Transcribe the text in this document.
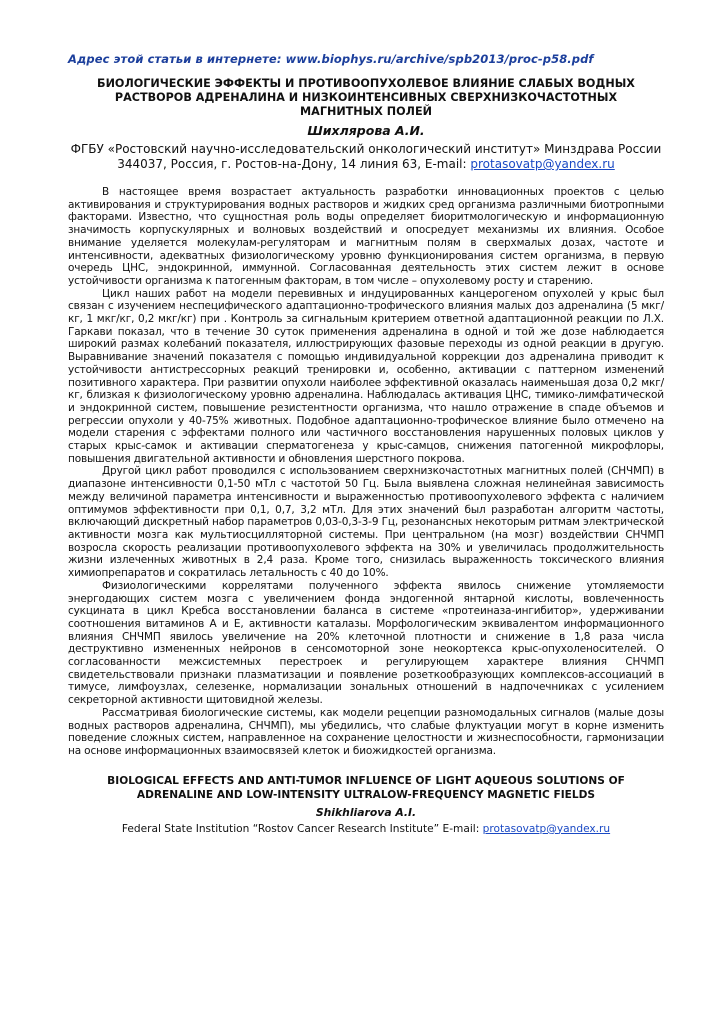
Адрес этой статьи в интернете: www.biophys.ru/archive/spb2013/proc-p58.pdf
БИОЛОГИЧЕСКИЕ ЭФФЕКТЫ И ПРОТИВООПУХОЛЕВОЕ ВЛИЯНИЕ СЛАБЫХ ВОДНЫХ РАСТВОРОВ АДРЕНАЛИНА И НИЗКОИНТЕНСИВНЫХ СВЕРХНИЗКОЧАСТОТНЫХ МАГНИТНЫХ ПОЛЕЙ
Шихлярова А.И.
ФГБУ «Ростовский научно-исследовательский онкологический институт» Минздрава России
344037, Россия, г. Ростов-на-Дону, 14 линия 63, E-mail: protasovatp@yandex.ru

В настоящее время возрастает актуальность разработки инновационных проектов с целью активирования и структурирования водных растворов и жидких сред организма различными биотропными факторами. Известно, что сущностная роль воды определяет биоритмологическую и информационную значимость корпускулярных и волновых воздействий и опосредует механизмы их влияния. Особое внимание уделяется молекулам-регуляторам и магнитным полям в сверхмалых дозах, частоте и интенсивности, адекватных физиологическому уровню функционирования систем организма, в первую очередь ЦНС, эндокринной, иммунной. Согласованная деятельность этих систем лежит в основе устойчивости организма к патогенным факторам, в том числе – опухолевому росту и старению.

Цикл наших работ на модели перевивных и индуцированных канцерогеном опухолей у крыс был связан с изучением неспецифического адаптационно-трофического влияния малых доз адреналина (5 мкг/кг, 1 мкг/кг, 0,2 мкг/кг) при . Контроль за сигнальным критерием ответной адаптационной реакции по Л.Х. Гаркави показал, что в течение 30 суток применения адреналина в одной и той же дозе наблюдается широкий размах колебаний показателя, иллюстрирующих фазовые переходы из одной реакции в другую. Выравнивание значений показателя с помощью индивидуальной коррекции доз адреналина приводит к устойчивости антистрессорных реакций тренировки и, особенно, активации с паттерном изменений позитивного характера. При развитии опухоли наиболее эффективной оказалась наименьшая доза 0,2 мкг/кг, близкая к физиологическому уровню адреналина. Наблюдалась активация ЦНС, тимико-лимфатической и эндокринной систем, повышение резистентности организма, что нашло отражение в спаде объемов и регрессии опухоли у 40-75% животных. Подобное адаптационно-трофическое влияние было отмечено на модели старения с эффектами полного или частичного восстановления нарушенных половых циклов у старых крыс-самок и активации сперматогенеза у крыс-самцов, снижения патогенной микрофлоры, повышения двигательной активности и обновления шерстного покрова.

Другой цикл работ проводился с использованием сверхнизкочастотных магнитных полей (СНЧМП) в диапазоне интенсивности 0,1-50 мТл с частотой 50 Гц. Была выявлена сложная нелинейная зависимость между величиной параметра интенсивности и выраженностью противоопухолевого эффекта с наличием оптимумов эффективности при 0,1, 0,7, 3,2 мТл. Для этих значений был разработан алгоритм частоты, включающий дискретный набор параметров 0,03-0,3-3-9 Гц, резонансных некоторым ритмам электрической активности мозга как мультиосцилляторной системы. При центральном (на мозг) воздействии СНЧМП возросла скорость реализации противоопухолевого эффекта на 30% и увеличилась продолжительность жизни излеченных животных в 2,4 раза. Кроме того, снизилась выраженность токсического влияния химиопрепаратов и сократилась летальность с 40 до 10%.

Физиологическими коррелятами полученного эффекта явилось снижение утомляемости энергодающих систем мозга с увеличением фонда эндогенной янтарной кислоты, вовлеченность сукцината в цикл Кребса восстановлении баланса в системе «протеиназа-ингибитор», удерживании соотношения витаминов А и Е, активности каталазы. Морфологическим эквивалентом информационного влияния СНЧМП явилось увеличение на 20% клеточной плотности и снижение в 1,8 раза числа деструктивно измененных нейронов в сенсомоторной зоне неокортекса крыс-опухоленосителей. О согласованности межсистемных перестроек и регулирующем характере влияния СНЧМП свидетельствовали признаки плазматизации и появление розеткообразующих комплексов-ассоциаций в тимусе, лимфоузлах, селезенке, нормализации зональных отношений в надпочечниках с усилением секреторной активности щитовидной железы.

Рассматривая биологические системы, как модели рецепции разномодальных сигналов (малые дозы водных растворов адреналина, СНЧМП), мы убедились, что слабые флуктуации могут в корне изменить поведение сложных систем, направленное на сохранение целостности и жизнеспособности, гармонизации на основе информационных взаимосвязей клеток и биожидкостей организма.

BIOLOGICAL EFFECTS AND ANTI-TUMOR INFLUENCE OF LIGHT AQUEOUS SOLUTIONS OF ADRENALINE AND LOW-INTENSITY ULTRALOW-FREQUENCY MAGNETIC FIELDS
Shikhliarova A.I.
Federal State Institution “Rostov Cancer Research Institute” E-mail: protasovatp@yandex.ru
